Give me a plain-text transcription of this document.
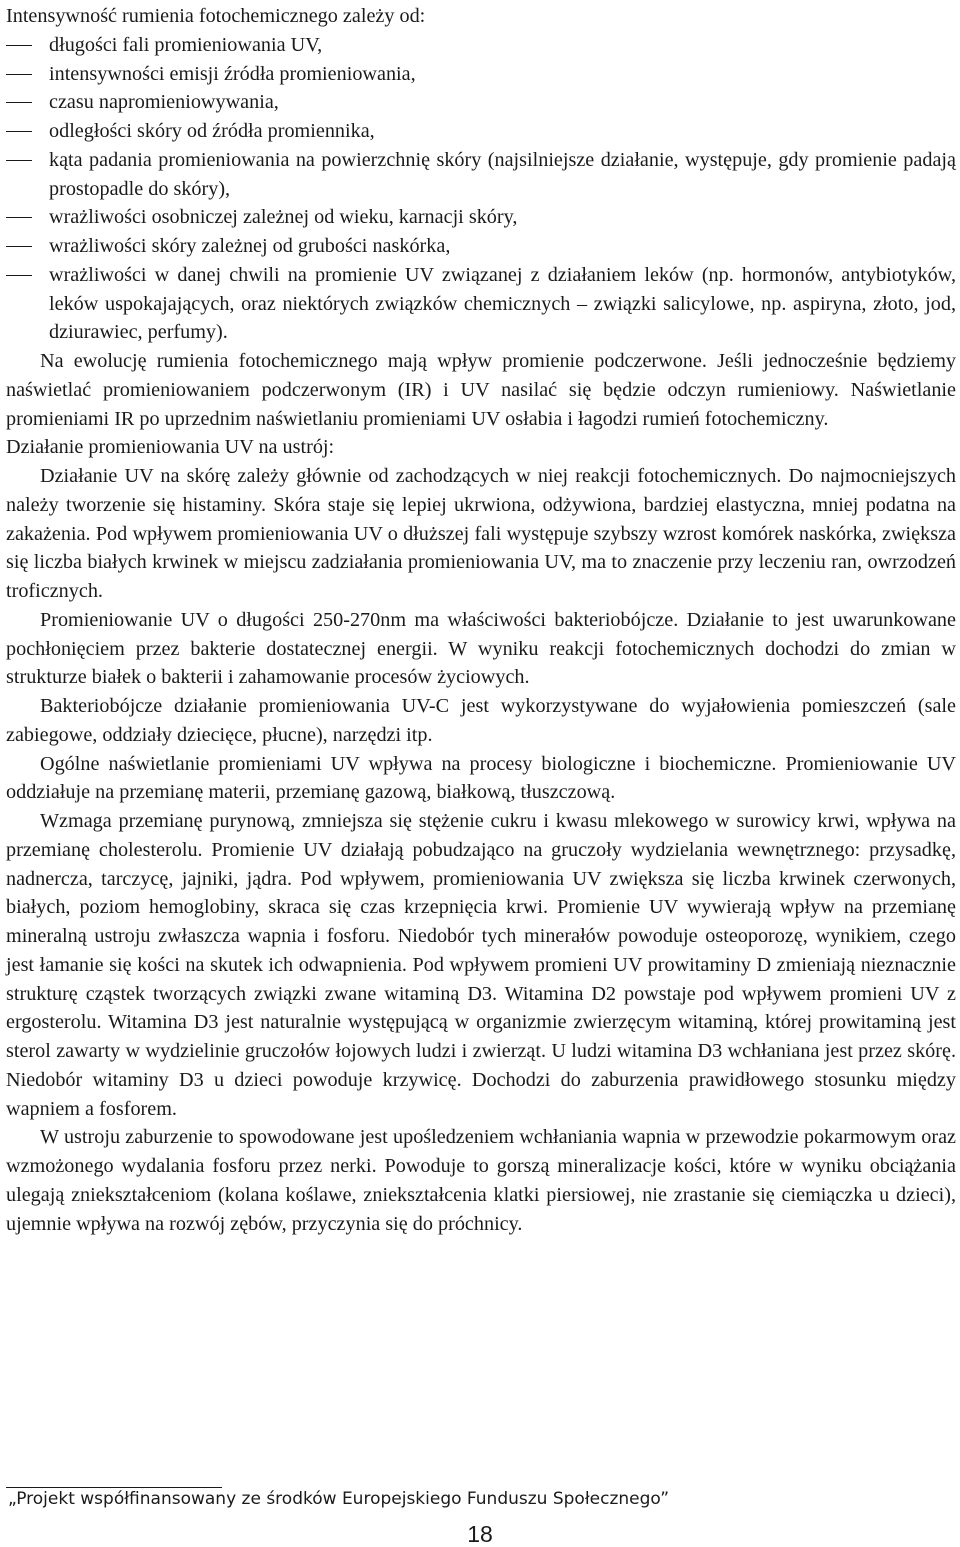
Intensywność rumienia fotochemicznego zależy od:

długości fali promieniowania UV,
intensywności emisji źródła promieniowania,
czasu napromieniowywania,
odległości skóry od źródła promiennika,
kąta padania promieniowania na powierzchnię skóry (najsilniejsze działanie, występuje, gdy promienie padają prostopadle do skóry),
wrażliwości osobniczej zależnej od wieku, karnacji skóry,
wrażliwości skóry zależnej od grubości naskórka,
wrażliwości w danej chwili na promienie UV związanej z działaniem leków (np. hormonów, antybiotyków, leków uspokajających, oraz niektórych związków chemicznych – związki salicylowe, np. aspiryna, złoto, jod, dziurawiec, perfumy).

Na ewolucję rumienia fotochemicznego mają wpływ promienie podczerwone. Jeśli jednocześnie będziemy naświetlać promieniowaniem podczerwonym (IR) i UV nasilać się będzie odczyn rumieniowy. Naświetlanie promieniami IR po uprzednim naświetlaniu promieniami UV osłabia i łagodzi rumień fotochemiczny.

Działanie promieniowania UV na ustrój:

Działanie UV na skórę zależy głównie od zachodzących w niej reakcji fotochemicznych. Do najmocniejszych należy tworzenie się histaminy. Skóra staje się lepiej ukrwiona, odżywiona, bardziej elastyczna, mniej podatna na zakażenia. Pod wpływem promieniowania UV o dłuższej fali występuje szybszy wzrost komórek naskórka, zwiększa się liczba białych krwinek w miejscu zadziałania promieniowania UV, ma to znaczenie przy leczeniu ran, owrzodzeń troficznych.

Promieniowanie UV o długości 250-270nm ma właściwości bakteriobójcze. Działanie to jest uwarunkowane pochłonięciem przez bakterie dostatecznej energii. W wyniku reakcji fotochemicznych dochodzi do zmian w strukturze białek o bakterii i zahamowanie procesów życiowych.

Bakteriobójcze działanie promieniowania UV-C jest wykorzystywane do wyjałowienia pomieszczeń (sale zabiegowe, oddziały dziecięce, płucne), narzędzi itp.

Ogólne naświetlanie promieniami UV wpływa na procesy biologiczne i biochemiczne. Promieniowanie UV oddziałuje na przemianę materii, przemianę gazową, białkową, tłuszczową.

Wzmaga przemianę purynową, zmniejsza się stężenie cukru i kwasu mlekowego w surowicy krwi, wpływa na przemianę cholesterolu. Promienie UV działają pobudzająco na gruczoły wydzielania wewnętrznego: przysadkę, nadnercza, tarczycę, jajniki, jądra. Pod wpływem, promieniowania UV zwiększa się liczba krwinek czerwonych, białych, poziom hemoglobiny, skraca się czas krzepnięcia krwi. Promienie UV wywierają wpływ na przemianę mineralną ustroju zwłaszcza wapnia i fosforu. Niedobór tych minerałów powoduje osteoporozę, wynikiem, czego jest łamanie się kości na skutek ich odwapnienia. Pod wpływem promieni UV prowitaminy D zmieniają nieznacznie strukturę cząstek tworzących związki zwane witaminą D3. Witamina D2 powstaje pod wpływem promieni UV z ergosterolu. Witamina D3 jest naturalnie występującą w organizmie zwierzęcym witaminą, której prowitaminą jest sterol zawarty w wydzielinie gruczołów łojowych ludzi i zwierząt. U ludzi witamina D3 wchłaniana jest przez skórę. Niedobór witaminy D3 u dzieci powoduje krzywicę. Dochodzi do zaburzenia prawidłowego stosunku między wapniem a fosforem.

W ustroju zaburzenie to spowodowane jest upośledzeniem wchłaniania wapnia w przewodzie pokarmowym oraz wzmożonego wydalania fosforu przez nerki. Powoduje to gorszą mineralizacje kości, które w wyniku obciążania ulegają zniekształceniom (kolana koślawe, zniekształcenia klatki piersiowej, nie zrastanie się ciemiączka u dzieci), ujemnie wpływa na rozwój zębów, przyczynia się do próchnicy.

„Projekt współfinansowany ze środków Europejskiego Funduszu Społecznego”
18
